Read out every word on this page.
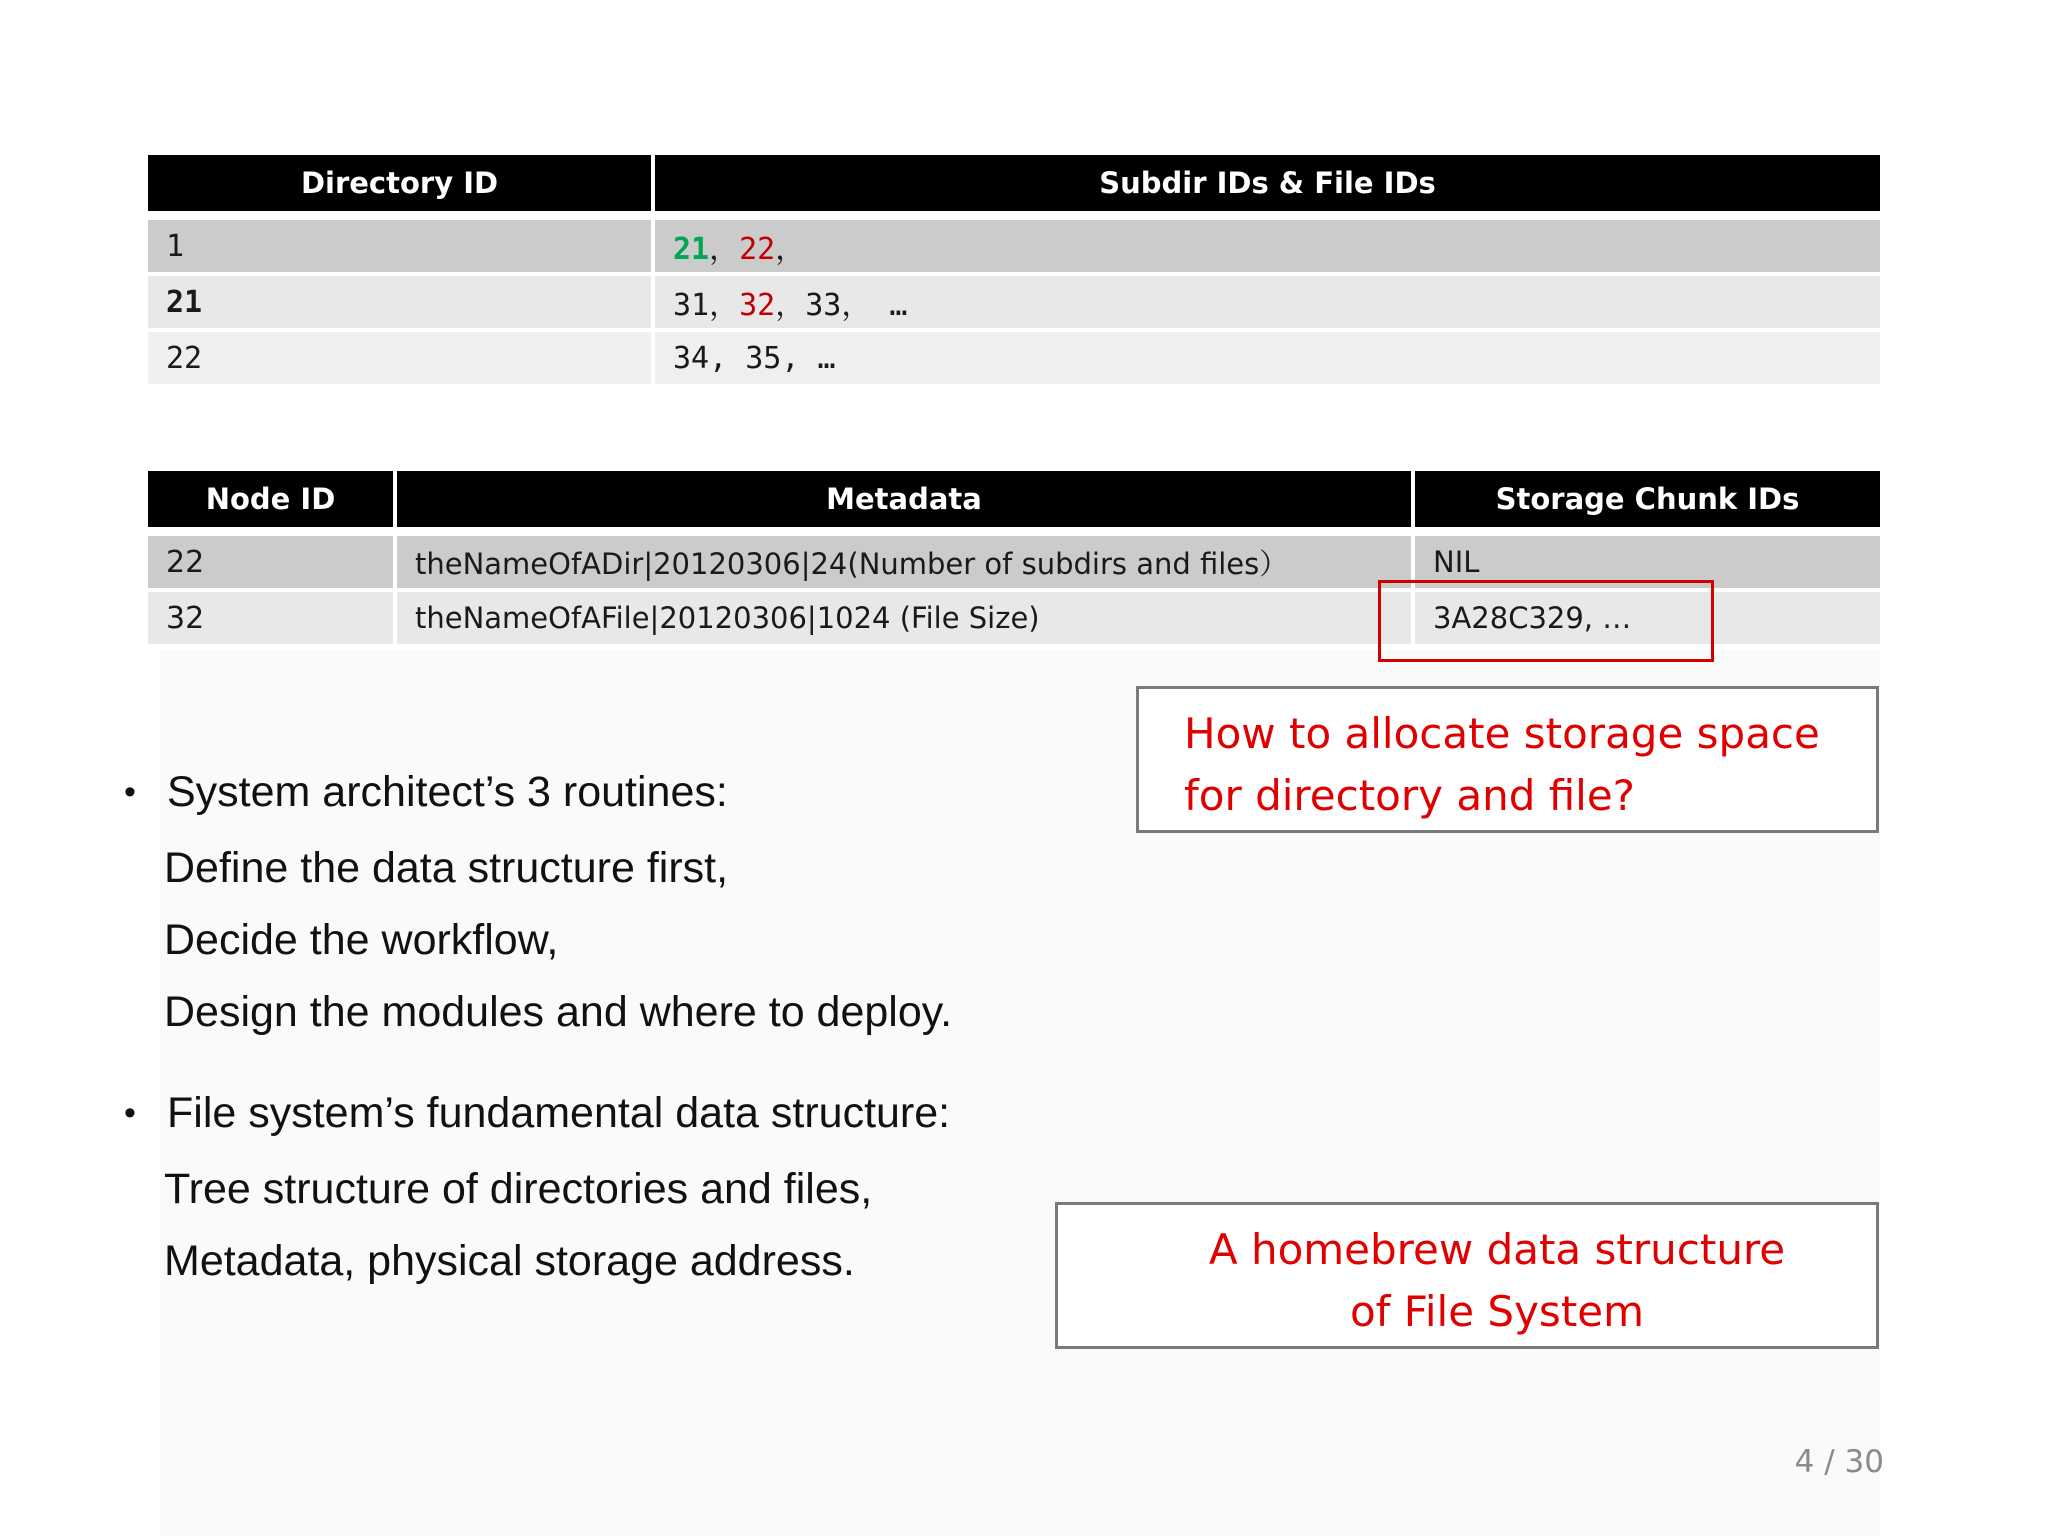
Directory ID	Subdir IDs & File IDs
1	21，22，
21	31，32，33， …
22	34, 35, …
Node ID	Metadata	Storage Chunk IDs
22	theNameOfADir|20120306|24(Number of subdirs and files）	NIL
32	theNameOfAFile|20120306|1024 (File Size)	3A28C329, …
How to allocate storage space
for directory and file?
A homebrew data structure
of File System
• System architect’s 3 routines:
Define the data structure first,
Decide the workflow,
Design the modules and where to deploy.
• File system’s fundamental data structure:
Tree structure of directories and files,
Metadata, physical storage address.
4 / 30
